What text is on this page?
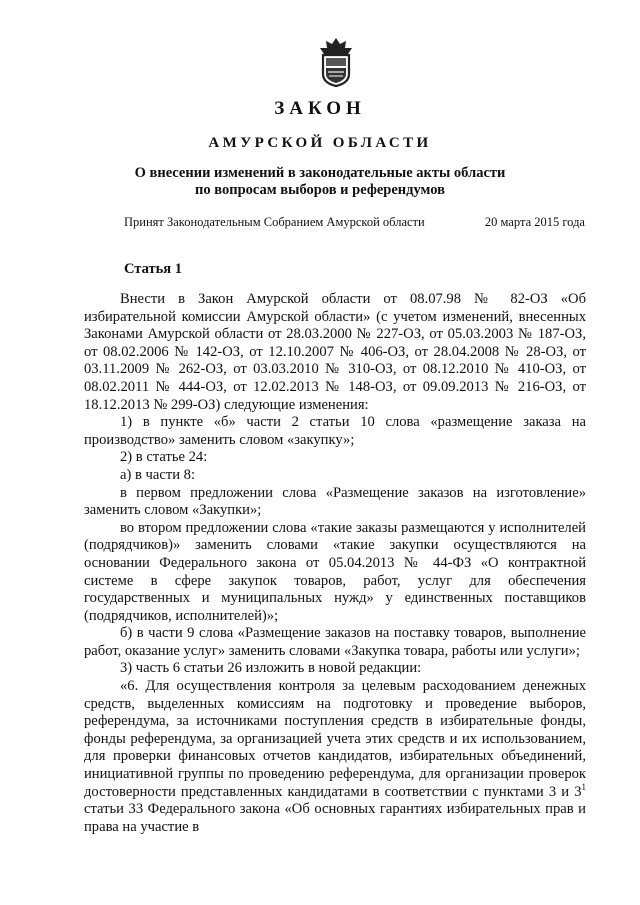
ЗАКОН
АМУРСКОЙ ОБЛАСТИ
О внесении изменений в законодательные акты области
по вопросам выборов и референдумов
Принят Законодательным Собранием Амурской области	20 марта 2015 года
Статья 1

Внести в Закон Амурской области от 08.07.98 № 82-ОЗ «Об избирательной комиссии Амурской области» (с учетом изменений, внесенных Законами Амурской области от 28.03.2000 № 227-ОЗ, от 05.03.2003 № 187-ОЗ, от 08.02.2006 № 142-ОЗ, от 12.10.2007 № 406-ОЗ, от 28.04.2008 № 28-ОЗ, от 03.11.2009 № 262-ОЗ, от 03.03.2010 № 310-ОЗ, от 08.12.2010 № 410-ОЗ, от 08.02.2011 № 444-ОЗ, от 12.02.2013 № 148-ОЗ, от 09.09.2013 № 216-ОЗ, от 18.12.2013 № 299-ОЗ) следующие изменения:

1) в пункте «б» части 2 статьи 10 слова «размещение заказа на производство» заменить словом «закупку»;

2) в статье 24:

а) в части 8:

в первом предложении слова «Размещение заказов на изготовление» заменить словом «Закупки»;

во втором предложении слова «такие заказы размещаются у исполнителей (подрядчиков)» заменить словами «такие закупки осуществляются на основании Федерального закона от 05.04.2013 № 44-ФЗ «О контрактной системе в сфере закупок товаров, работ, услуг для обеспечения государственных и муниципальных нужд» у единственных поставщиков (подрядчиков, исполнителей)»;

б) в части 9 слова «Размещение заказов на поставку товаров, выполнение работ, оказание услуг» заменить словами «Закупка товара, работы или услуги»;

3) часть 6 статьи 26 изложить в новой редакции:

«6. Для осуществления контроля за целевым расходованием денежных средств, выделенных комиссиям на подготовку и проведение выборов, референдума, за источниками поступления средств в избирательные фонды, фонды референдума, за организацией учета этих средств и их использованием, для проверки финансовых отчетов кандидатов, избирательных объединений, инициативной группы по проведению референдума, для организации проверок достоверности представленных кандидатами в соответствии с пунктами 3 и $3^1$ статьи 33 Федерального закона «Об основных гарантиях избирательных прав и права на участие в
